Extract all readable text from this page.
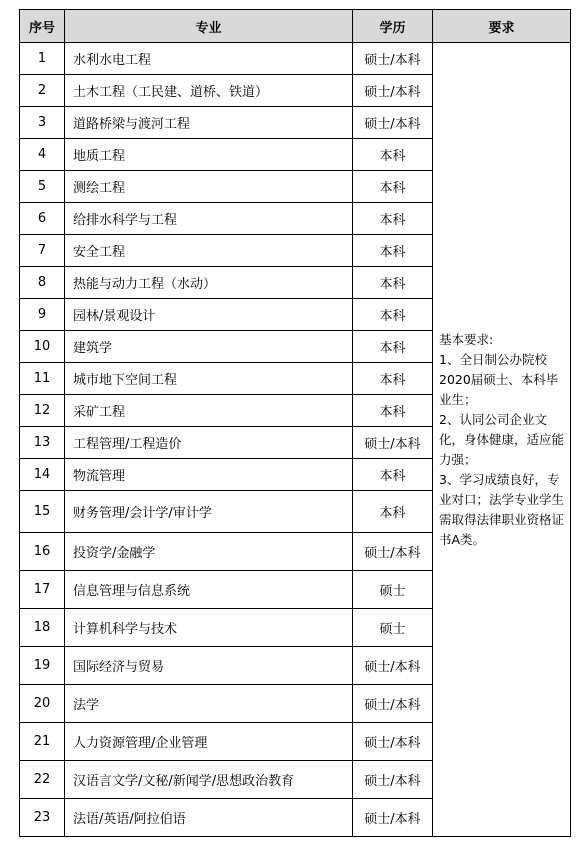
序号	专业	学历	要求
1	水利水电工程	硕士/本科	基本要求:
1、全日制公办院校2020届硕士、本科毕业生；
2、认同公司企业文化，身体健康，适应能力强；
3、学习成绩良好，专业对口；法学专业学生需取得法律职业资格证书A类。

2	土木工程（工民建、道桥、铁道）	硕士/本科	
3	道路桥梁与渡河工程	硕士/本科	
4	地质工程	本科	
5	测绘工程	本科	
6	给排水科学与工程	本科	
7	安全工程	本科	
8	热能与动力工程（水动）	本科	
9	园林/景观设计	本科	
10	建筑学	本科	
11	城市地下空间工程	本科	
12	采矿工程	本科	
13	工程管理/工程造价	硕士/本科	
14	物流管理	本科	
15	财务管理/会计学/审计学	本科	
16	投资学/金融学	硕士/本科	
17	信息管理与信息系统	硕士	
18	计算机科学与技术	硕士	
19	国际经济与贸易	硕士/本科	
20	法学	硕士/本科	
21	人力资源管理/企业管理	硕士/本科	
22	汉语言文学/文秘/新闻学/思想政治教育	硕士/本科	
23	法语/英语/阿拉伯语	硕士/本科	
